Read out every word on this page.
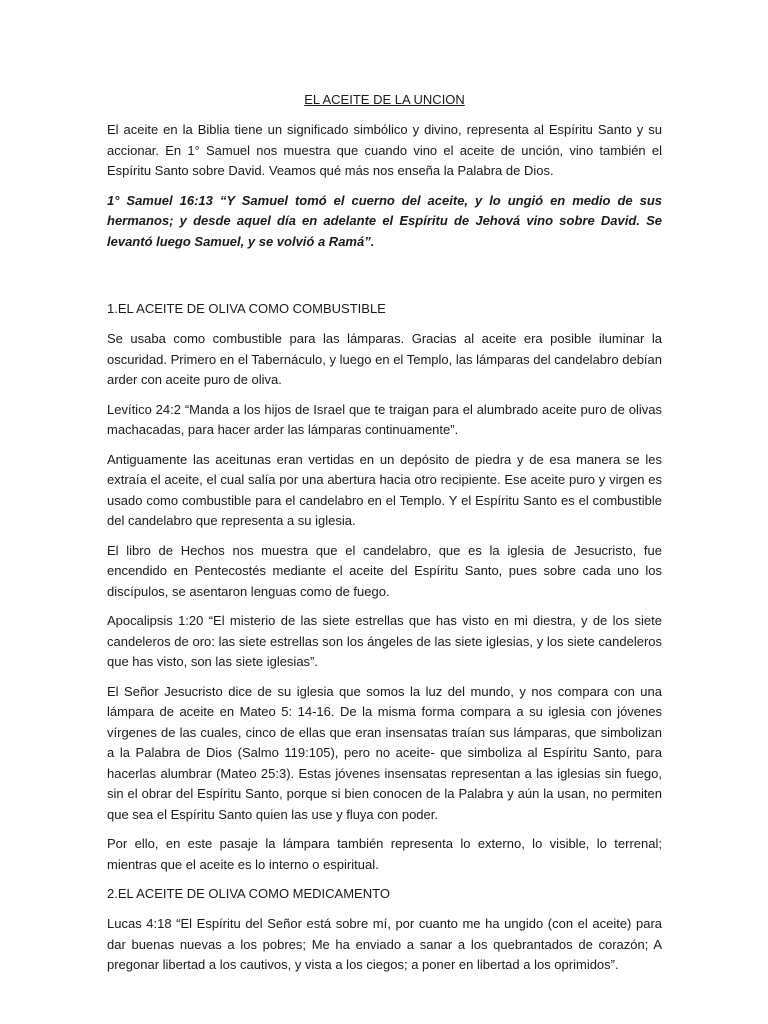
EL ACEITE DE LA UNCION

El aceite en la Biblia tiene un significado simbólico y divino, representa al Espíritu Santo y su accionar. En 1° Samuel nos muestra que cuando vino el aceite de unción, vino también el Espíritu Santo sobre David. Veamos qué más nos enseña la Palabra de Dios.

1° Samuel 16:13 “Y Samuel tomó el cuerno del aceite, y lo ungió en medio de sus hermanos; y desde aquel día en adelante el Espíritu de Jehová vino sobre David. Se levantó luego Samuel, y se volvió a Ramá”.

1.EL ACEITE DE OLIVA COMO COMBUSTIBLE

Se usaba como combustible para las lámparas. Gracias al aceite era posible iluminar la oscuridad. Primero en el Tabernáculo, y luego en el Templo, las lámparas del candelabro debían arder con aceite puro de oliva.

Levítico 24:2 “Manda a los hijos de Israel que te traigan para el alumbrado aceite puro de olivas machacadas, para hacer arder las lámparas continuamente”.

Antiguamente las aceitunas eran vertidas en un depósito de piedra y de esa manera se les extraía el aceite, el cual salía por una abertura hacia otro recipiente. Ese aceite puro y virgen es usado como combustible para el candelabro en el Templo. Y el Espíritu Santo es el combustible del candelabro que representa a su iglesia.

El libro de Hechos nos muestra que el candelabro, que es la iglesia de Jesucristo, fue encendido en Pentecostés mediante el aceite del Espíritu Santo, pues sobre cada uno los discípulos, se asentaron lenguas como de fuego.

Apocalipsis 1:20 “El misterio de las siete estrellas que has visto en mi diestra, y de los siete candeleros de oro: las siete estrellas son los ángeles de las siete iglesias, y los siete candeleros que has visto, son las siete iglesias”.

El Señor Jesucristo dice de su iglesia que somos la luz del mundo, y nos compara con una lámpara de aceite en Mateo 5: 14-16. De la misma forma compara a su iglesia con jóvenes vírgenes de las cuales, cinco de ellas que eran insensatas traían sus lámparas, que simbolizan a la Palabra de Dios (Salmo 119:105), pero no aceite- que simboliza al Espíritu Santo, para hacerlas alumbrar (Mateo 25:3). Estas jóvenes insensatas representan a las iglesias sin fuego, sin el obrar del Espíritu Santo, porque si bien conocen de la Palabra y aún la usan, no permiten que sea el Espíritu Santo quien las use y fluya con poder.

Por ello, en este pasaje la lámpara también representa lo externo, lo visible, lo terrenal; mientras que el aceite es lo interno o espiritual.

2.EL ACEITE DE OLIVA COMO MEDICAMENTO

Lucas 4:18 “El Espíritu del Señor está sobre mí, por cuanto me ha ungido (con el aceite) para dar buenas nuevas a los pobres; Me ha enviado a sanar a los quebrantados de corazón; A pregonar libertad a los cautivos, y vista a los ciegos; a poner en libertad a los oprimidos”.
